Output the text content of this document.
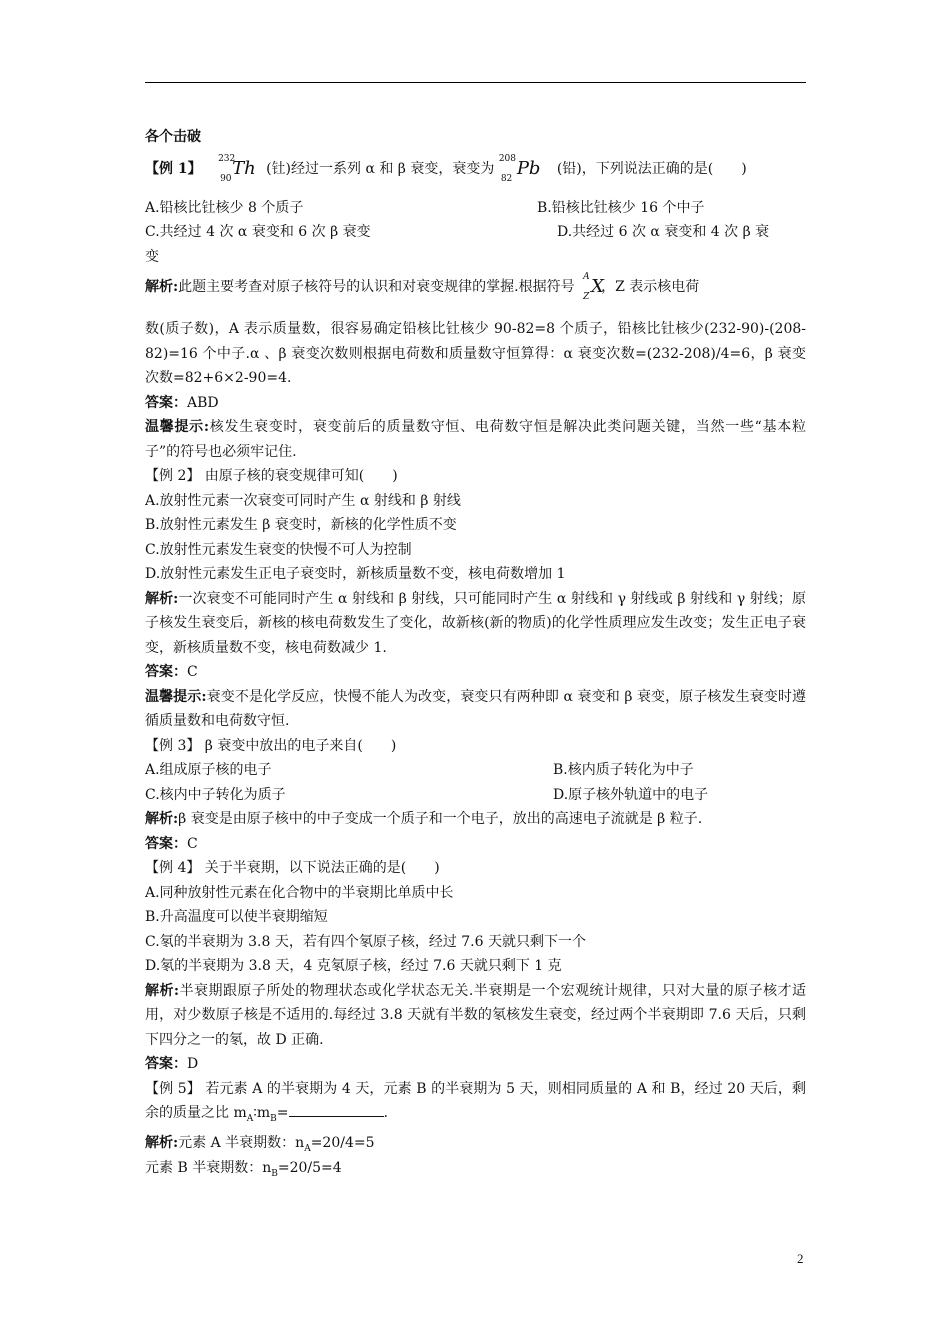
各个击破
【例 1】
232
90 Th (钍)经过一系列 α 和 β 衰变，衰变为
208
82 Pb (铅)，下列说法正确的是(　　)
A.铅核比钍核少 8 个质子	B.铅核比钍核少 16 个中子
C.共经过 4 次 α 衰变和 6 次 β 衰变	D.共经过 6 次 α 衰变和 4 次 β 衰
变
解析:此题主要考查对原子核符号的认识和对衰变规律的掌握.根据符号
A
Z X
，Z 表示核电荷
数(质子数)，A 表示质量数，很容易确定铅核比钍核少 90-82=8 个质子，铅核比钍核少(232-90)-(208-82)=16 个中子.α 、β 衰变次数则根据电荷数和质量数守恒算得：α 衰变次数=(232-208)/4=6，β 衰变次数=82+6×2-90=4.
答案：ABD
温馨提示:核发生衰变时，衰变前后的质量数守恒、电荷数守恒是解决此类问题关键，当然一些“基本粒子”的符号也必须牢记住.
【例 2】 由原子核的衰变规律可知(　　)
A.放射性元素一次衰变可同时产生 α 射线和 β 射线
B.放射性元素发生 β 衰变时，新核的化学性质不变
C.放射性元素发生衰变的快慢不可人为控制
D.放射性元素发生正电子衰变时，新核质量数不变，核电荷数增加 1
解析:一次衰变不可能同时产生 α 射线和 β 射线，只可能同时产生 α 射线和 γ 射线或 β 射线和 γ 射线；原子核发生衰变后，新核的核电荷数发生了变化，故新核(新的物质)的化学性质理应发生改变；发生正电子衰变，新核质量数不变，核电荷数减少 1.
答案：C
温馨提示:衰变不是化学反应，快慢不能人为改变，衰变只有两种即 α 衰变和 β 衰变，原子核发生衰变时遵循质量数和电荷数守恒.
【例 3】 β 衰变中放出的电子来自(　　)
A.组成原子核的电子	B.核内质子转化为中子
C.核内中子转化为质子	D.原子核外轨道中的电子
解析:β 衰变是由原子核中的中子变成一个质子和一个电子，放出的高速电子流就是 β 粒子.
答案：C
【例 4】 关于半衰期，以下说法正确的是(　　)
A.同种放射性元素在化合物中的半衰期比单质中长
B.升高温度可以使半衰期缩短
C.氡的半衰期为 3.8 天，若有四个氡原子核，经过 7.6 天就只剩下一个
D.氡的半衰期为 3.8 天，4 克氡原子核，经过 7.6 天就只剩下 1 克
解析:半衰期跟原子所处的物理状态或化学状态无关.半衰期是一个宏观统计规律，只对大量的原子核才适用，对少数原子核是不适用的.每经过 3.8 天就有半数的氡核发生衰变，经过两个半衰期即 7.6 天后，只剩下四分之一的氡，故 D 正确.
答案：D
【例 5】 若元素 A 的半衰期为 4 天，元素 B 的半衰期为 5 天，则相同质量的 A 和 B，经过 20 天后，剩余的质量之比 $m_A∶m_B=$	.
解析:元素 A 半衰期数：$n_A=20/4=5$
元素 B 半衰期数：$n_B=20/5=4$
2
